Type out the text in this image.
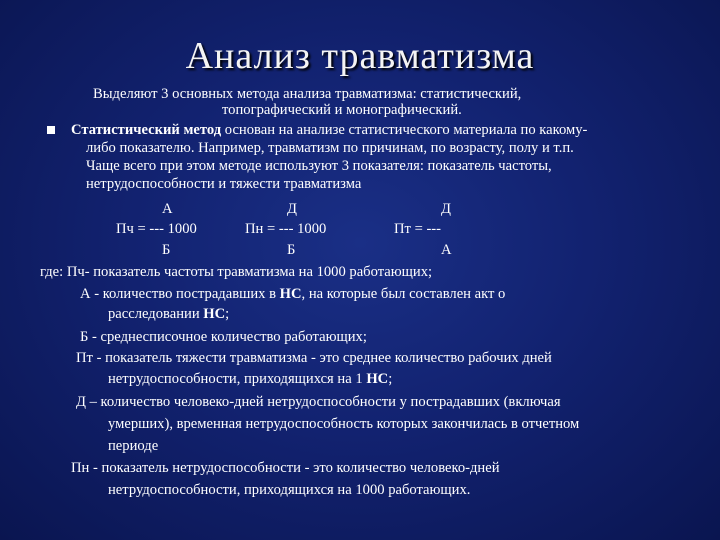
Анализ травматизма
Выделяют 3 основных метода анализа травматизма: статистический,
топографический и монографический.
Статистический метод основан на анализе статистического материала по какому-
либо показателю. Например, травматизм по причинам, по возрасту, полу и т.п.
Чаще всего при этом методе используют 3 показателя: показатель частоты,
нетрудоспособности и тяжести травматизма
А	Д	Д
Пч = --- 1000	Пн = --- 1000	Пт = ---
Б	Б	А
где: Пч- показатель частоты травматизма на 1000 работающих;
А - количество пострадавших в НС, на которые был составлен акт о
расследовании НС;
Б - среднесписочное количество работающих;
Пт - показатель тяжести травматизма - это среднее количество рабочих дней
нетрудоспособности, приходящихся на 1 НС;
Д – количество человеко-дней нетрудоспособности у пострадавших (включая
умерших), временная нетрудоспособность которых закончилась в отчетном
периоде
Пн - показатель нетрудоспособности - это количество человеко-дней
нетрудоспособности, приходящихся на 1000 работающих.
